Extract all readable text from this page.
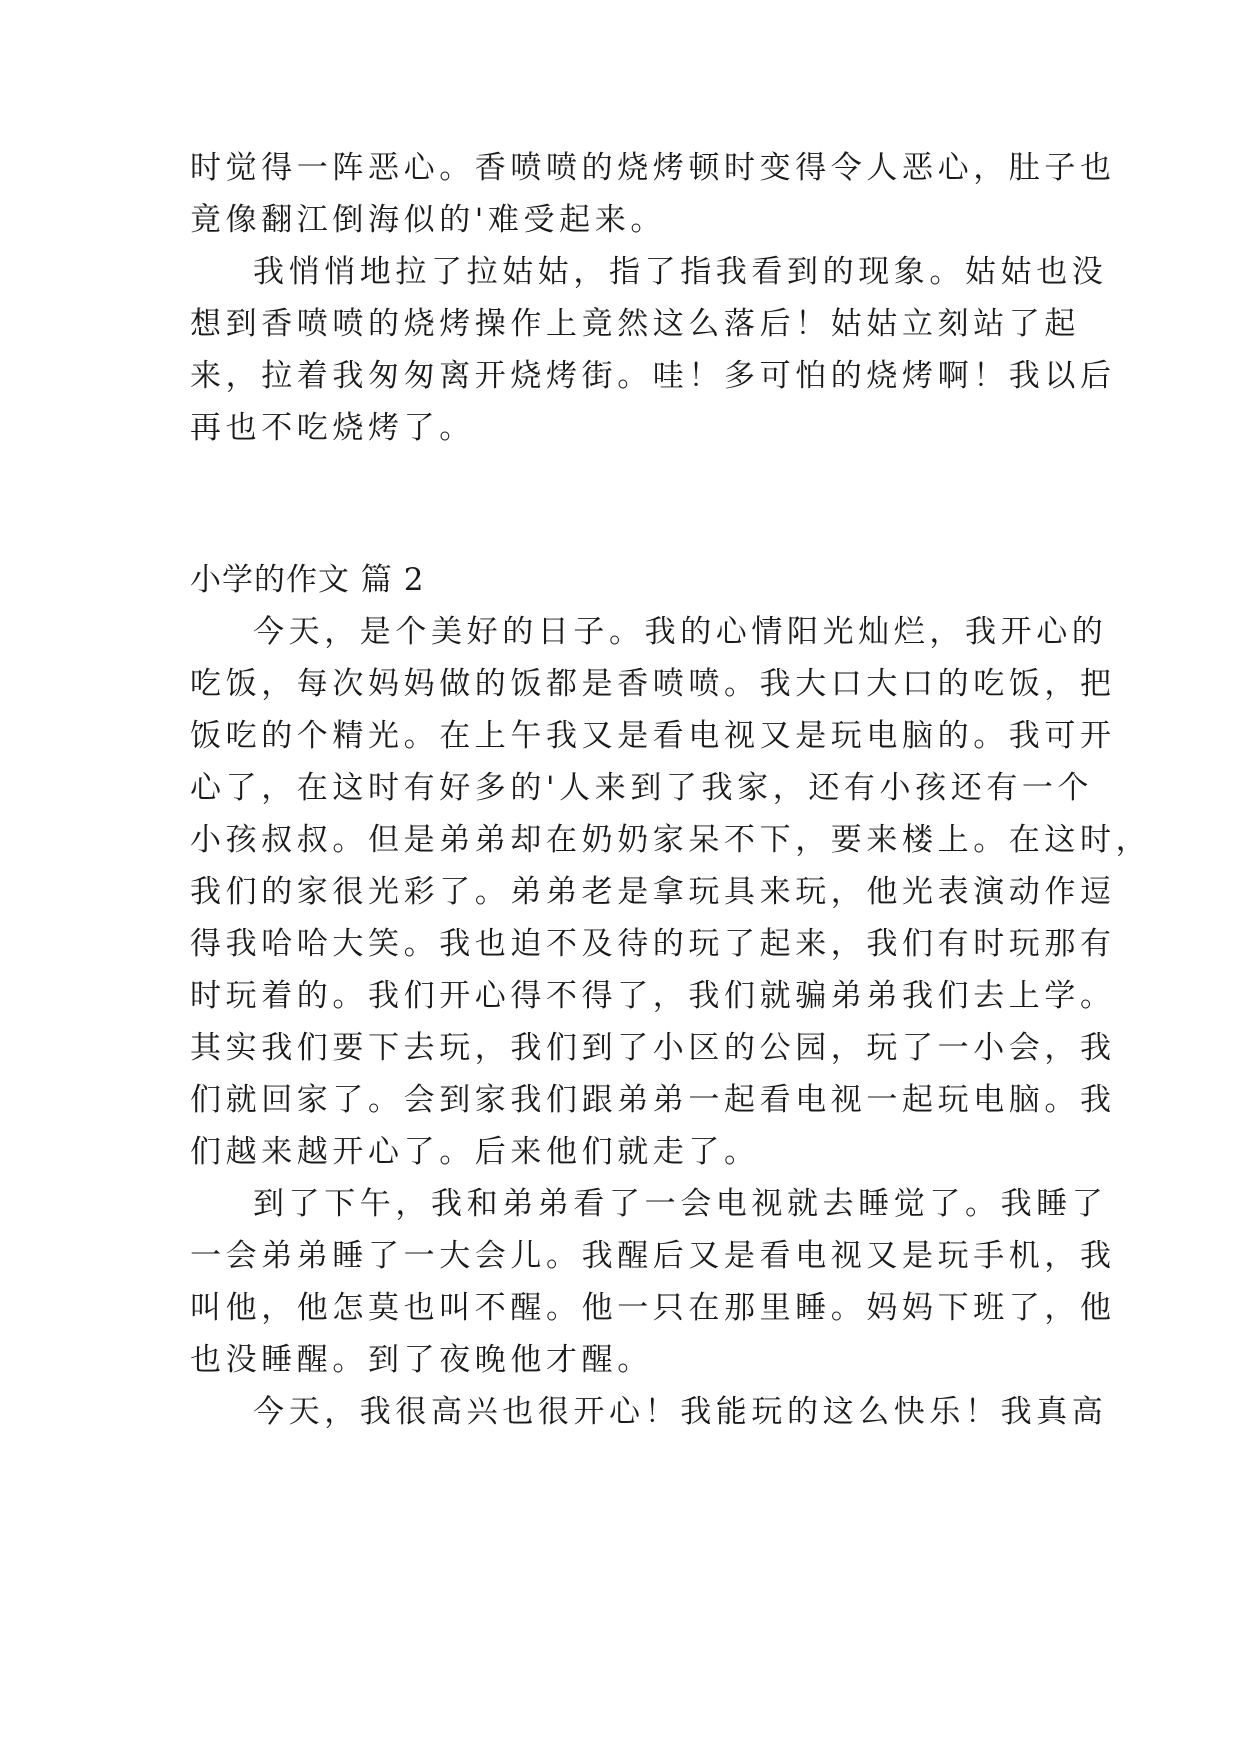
时觉得一阵恶心。香喷喷的烧烤顿时变得令人恶心，肚子也
竟像翻江倒海似的'难受起来。
我悄悄地拉了拉姑姑，指了指我看到的现象。姑姑也没
想到香喷喷的烧烤操作上竟然这么落后！姑姑立刻站了起
来，拉着我匆匆离开烧烤街。哇！多可怕的烧烤啊！我以后
再也不吃烧烤了。
小学的作文 篇 2
今天，是个美好的日子。我的心情阳光灿烂，我开心的
吃饭，每次妈妈做的饭都是香喷喷。我大口大口的吃饭，把
饭吃的个精光。在上午我又是看电视又是玩电脑的。我可开
心了，在这时有好多的'人来到了我家，还有小孩还有一个
小孩叔叔。但是弟弟却在奶奶家呆不下，要来楼上。在这时，
我们的家很光彩了。弟弟老是拿玩具来玩，他光表演动作逗
得我哈哈大笑。我也迫不及待的玩了起来，我们有时玩那有
时玩着的。我们开心得不得了，我们就骗弟弟我们去上学。
其实我们要下去玩，我们到了小区的公园，玩了一小会，我
们就回家了。会到家我们跟弟弟一起看电视一起玩电脑。我
们越来越开心了。后来他们就走了。
到了下午，我和弟弟看了一会电视就去睡觉了。我睡了
一会弟弟睡了一大会儿。我醒后又是看电视又是玩手机，我
叫他，他怎莫也叫不醒。他一只在那里睡。妈妈下班了，他
也没睡醒。到了夜晚他才醒。
今天，我很高兴也很开心！我能玩的这么快乐！我真高
